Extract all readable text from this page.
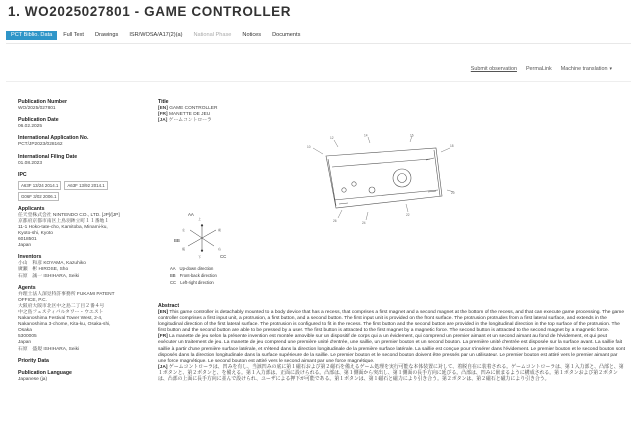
1. WO2025027801 - GAME CONTROLLER
PCT Biblio. Data	Full Text	Drawings	ISR/WOSA/A17(2)(a)	National Phase	Notices	Documents
Submit observation PermaLink Machine translation ▾
Publication Number
WO/2025/027801
Publication Date
06.02.2025
International Application No.
PCT/JP2023/028162
International Filing Date
01.08.2023
IPC
A63F 13/24 2014.1	A63F 13/92 2014.1
G06F 3/02 2006.1
Applicants
任天堂株式会社 NINTENDO CO., LTD. [JP]/[JP]
京都府京都市南区上鳥羽鉾立町１１番地１
11-1 Hoko-tate-cho, Kamitoba, Minami-ku,
Kyoto-shi, Kyoto
6018501
Japan
Inventors
小山　和彦 KOYAMA, Kazuhiko
廣瀬　彬 HIROSE, Sho
石原　誠一 ISHIHARA, Seiki
Agents
弁理士法人深見特許事務所 FUKAMI PATENT
OFFICE, P.C.
大阪府大阪市北区中之島二丁目２番４号
中之島フェスティバルタワー・ウエスト
Nakanoshima Festival Tower West, 2-4,
Nakanoshima 3-chome, Kita-ku, Osaka-shi,
Osaka
5300005
Japan
石原　盛規 ISHIHARA, Seiki
Priority Data
Publication Language
Japanese (ja)
Title
[EN] GAME CONTROLLER
[FR] MANETTE DE JEU
[JA] ゲームコントローラ
10
12
14	16
18
20
22
24
26
上
下
左	前
後	右
AA
BB
CC
AA　Up-down direction
BB　Front-back direction
CC　Left-right direction
Abstract

[EN] This game controller is detachably mounted to a body device that has a recess, that comprises a first magnet and a second magnet at the bottom of the recess, and that can execute game processing. The game controller comprises a first input unit, a protrusion, a first button, and a second button. The first input unit is provided on the front surface. The protrusion protrudes from a first lateral surface, and extends in the longitudinal direction of the first lateral surface. The protrusion is configured to fit in the recess. The first button and the second button are provided in the longitudinal direction in the top surface of the protrusion. The first button and the second button are able to be pressed by a user. The first button is attracted to the first magnet by a magnetic force. The second button is attracted to the second magnet by a magnetic force.

[FR] La manette de jeu selon la présente invention est montée amovible sur un dispositif de corps qui a un évidement, qui comprend un premier aimant et un second aimant au fond de l'évidement, et qui peut exécuter un traitement de jeu. La manette de jeu comprend une première unité d'entrée, une saillie, un premier bouton et un second bouton. La première unité d'entrée est disposée sur la surface avant. La saillie fait saillie à partir d'une première surface latérale, et s'étend dans la direction longitudinale de la première surface latérale. La saillie est conçue pour s'insérer dans l'évidement. Le premier bouton et le second bouton sont disposés dans la direction longitudinale dans la surface supérieure de la saillie. Le premier bouton et le second bouton doivent être pressés par un utilisateur. Le premier bouton est attiré vers le premier aimant par une force magnétique. Le second bouton est attiré vers le second aimant par une force magnétique.

[JA] ゲームコントローラは、凹みを有し、当該凹みの底に第１磁石および第２磁石を備えるゲーム処理を実行可能な本体装置に対して、着脱自在に装着される。ゲームコントローラは、第１入力部と、凸部と、第１ボタンと、第２ボタンと、を備える。第１入力部は、正面に設けられる。凸部は、第１側面から突出し、第１側面の長手方向に延びる。凸部は、凹みに嵌まるように構成される。第１ボタンおよび第２ボタンは、凸部の上面に長手方向に並んで設けられ、ユーザによる押下が可能である。第１ボタンは、第１磁石と磁力により引き合う。第２ボタンは、第２磁石と磁力により引き合う。
